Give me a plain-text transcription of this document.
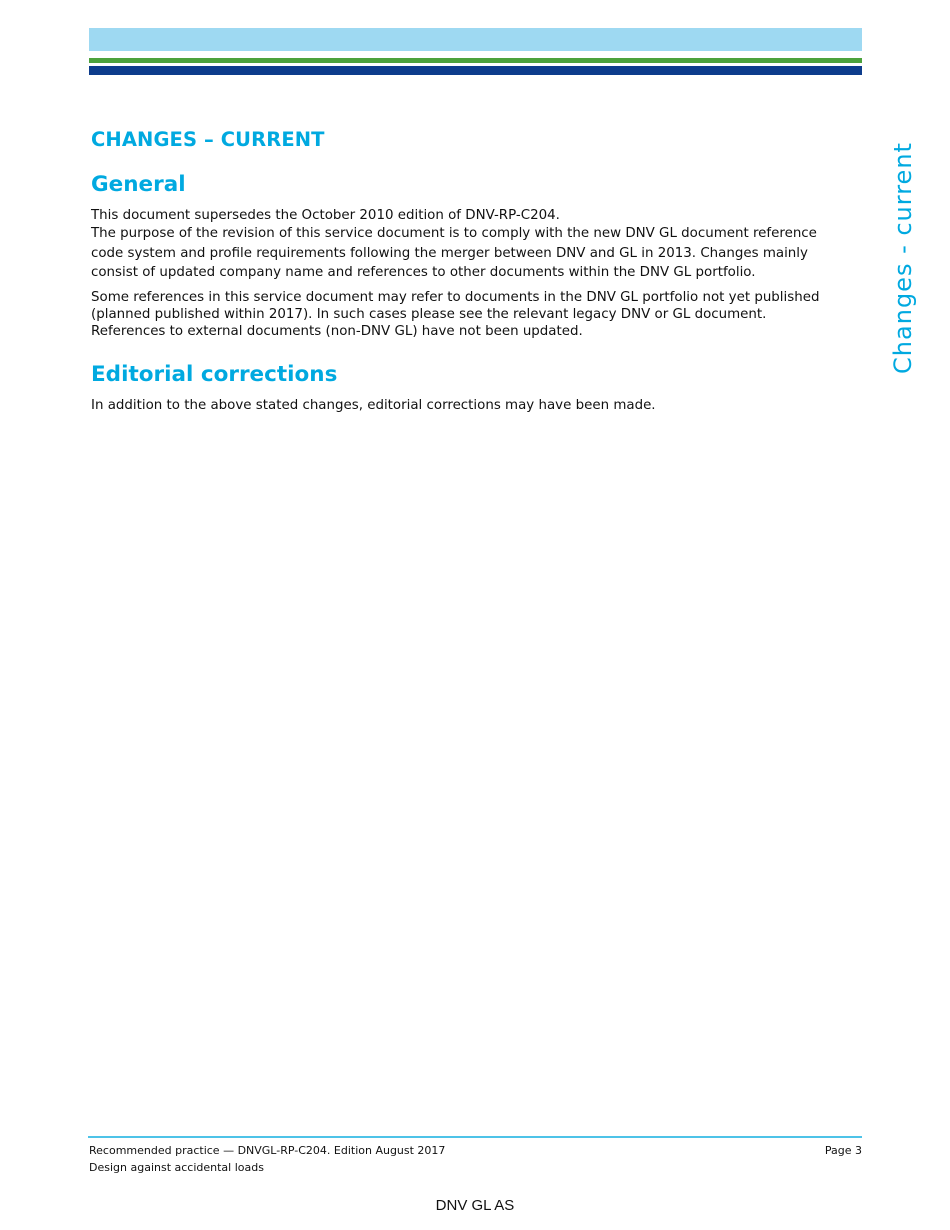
Changes - current
CHANGES – CURRENT
General

This document supersedes the October 2010 edition of DNV-RP-C204.
The purpose of the revision of this service document is to comply with the new DNV GL document reference
code system and profile requirements following the merger between DNV and GL in 2013. Changes mainly
consist of updated company name and references to other documents within the DNV GL portfolio.

Some references in this service document may refer to documents in the DNV GL portfolio not yet published
(planned published within 2017). In such cases please see the relevant legacy DNV or GL document.
References to external documents (non-DNV GL) have not been updated.

Editorial corrections

In addition to the above stated changes, editorial corrections may have been made.

Recommended practice — DNVGL-RP-C204. Edition August 2017
Design against accidental loads
Page 3
DNV GL AS
